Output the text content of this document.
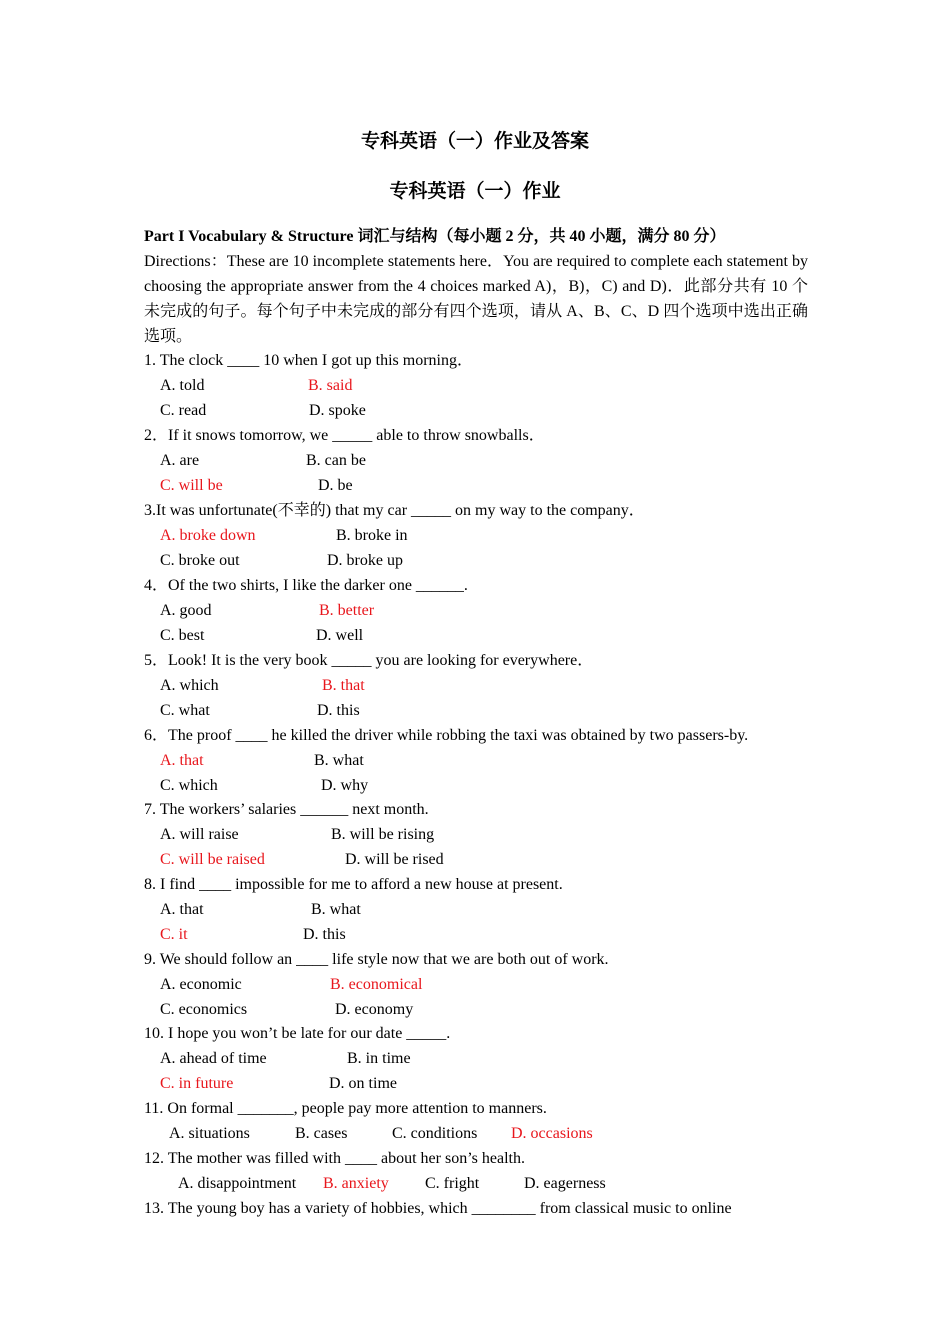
专科英语（一）作业及答案
专科英语（一）作业
Part I Vocabulary & Structure 词汇与结构（每小题 2 分，共 40 小题，满分 80 分）
Directions：These are 10 incomplete statements here．You are required to complete each statement by choosing the appropriate answer from the 4 choices marked A)，B)，C) and D)．此部分共有 10 个未完成的句子。每个句子中未完成的部分有四个选项，请从 A、B、C、D 四个选项中选出正确选项。
1. The clock ____ 10 when I got up this morning．
A. told	B. said
C. read	D. spoke
2．If it snows tomorrow, we _____ able to throw snowballs．
A. are	B. can be
C. will be	D. be
3.It was unfortunate(不幸的) that my car _____ on my way to the company．
A. broke down	B. broke in
C. broke out	D. broke up
4．Of the two shirts, I like the darker one ______.
A. good	B. better
C. best	D. well
5．Look! It is the very book _____ you are looking for everywhere．
A. which	B. that
C. what	D. this
6．The proof ____ he killed the driver while robbing the taxi was obtained by two passers-by.
A. that	B. what
C. which	D. why
7. The workers’ salaries ______ next month.
A. will raise	B. will be rising
C. will be raised	D. will be rised
8. I find ____ impossible for me to afford a new house at present.
A. that	B. what
C. it	D. this
9. We should follow an ____ life style now that we are both out of work.
A. economic	B. economical
C. economics	D. economy
10. I hope you won’t be late for our date _____.
A. ahead of time	B. in time
C. in future	D. on time
11. On formal _______, people pay more attention to manners.
A. situations	B. cases	C. conditions D. occasions
12. The mother was filled with ____ about her son’s health.
A. disappointment B. anxiety C. fright	D. eagerness
13. The young boy has a variety of hobbies, which ________ from classical music to online
